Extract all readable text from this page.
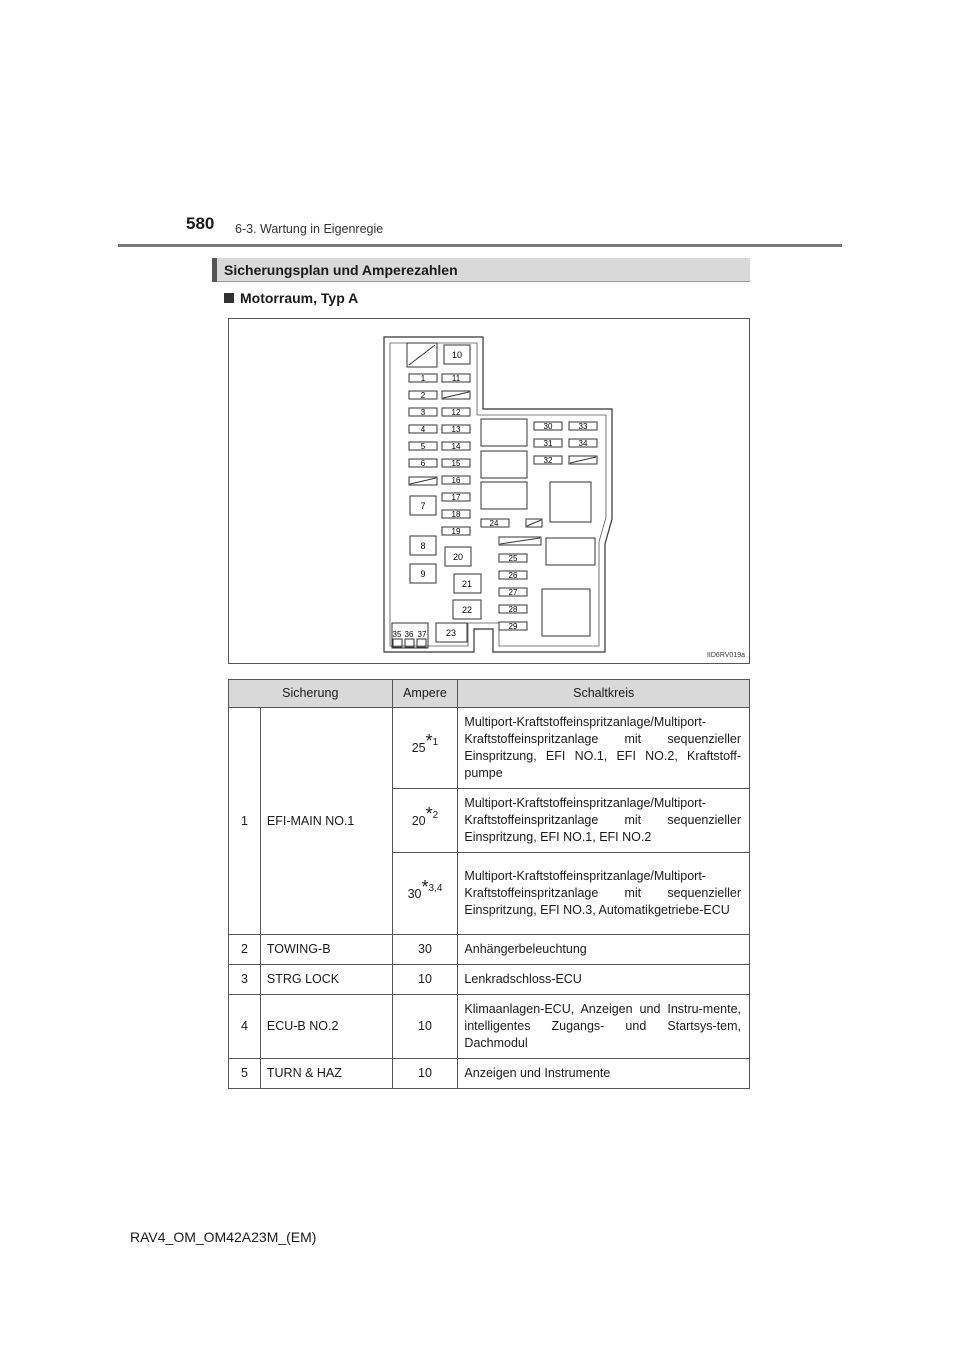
580 6-3. Wartung in Eigenregie
Sicherungsplan und Amperezahlen
Motorraum, Typ A
1
2
3
4
5
6
7
8
9
10
11
12
13
14
15
16
17
18
19
20
21
22
23
24
25
26
27
28
29
30
31
32
33
34
35 36 37
IID6RV019a
Sicherung		Ampere	Schaltkreis
1	EFI-MAIN NO.1	25*$^1$	Multiport-Kraftstoffeinspritzanlage/Multiport-Kraftstoffeinspritzanlage mit sequenzieller Einspritzung, EFI NO.1, EFI NO.2, Kraftstoff-pumpe
		20*$^2$	Multiport-Kraftstoffeinspritzanlage/Multiport-Kraftstoffeinspritzanlage mit sequenzieller Einspritzung, EFI NO.1, EFI NO.2
		30*$^{3,4}$	Multiport-Kraftstoffeinspritzanlage/Multiport-Kraftstoffeinspritzanlage mit sequenzieller Einspritzung, EFI NO.3, Automatikgetriebe-ECU
2	TOWING-B	30	Anhängerbeleuchtung
3	STRG LOCK	10	Lenkradschloss-ECU
4	ECU-B NO.2	10	Klimaanlagen-ECU, Anzeigen und Instru-mente, intelligentes Zugangs- und Startsys-tem, Dachmodul
5	TURN & HAZ	10	Anzeigen und Instrumente
RAV4_OM_OM42A23M_(EM)
